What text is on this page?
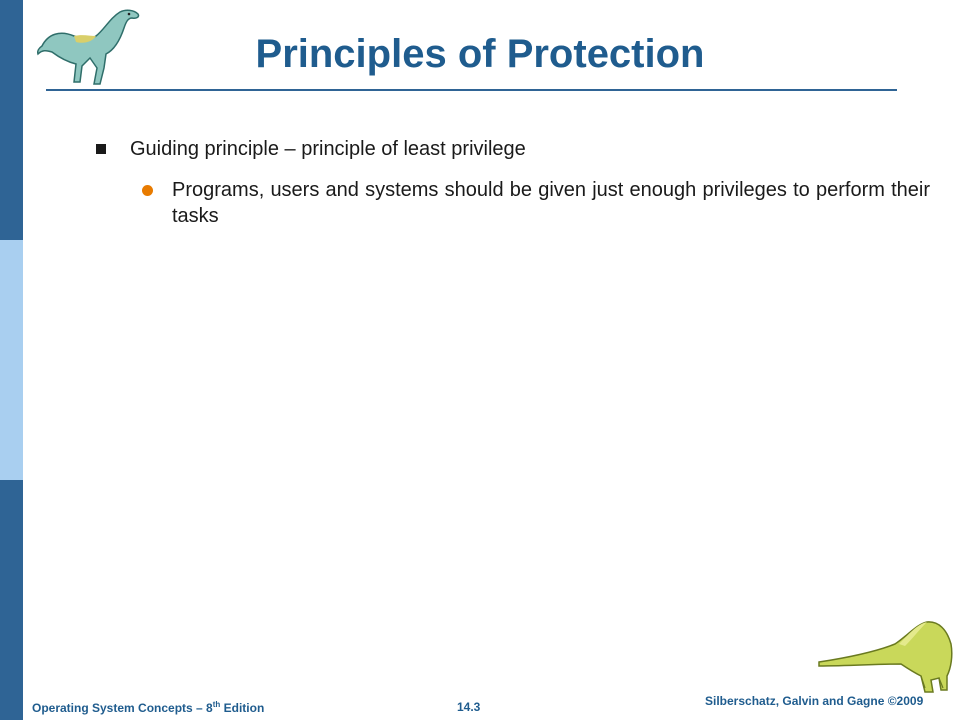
Principles of Protection
Guiding principle – principle of least privilege
Programs, users and systems should be given just enough privileges to perform their tasks
Operating System Concepts – 8th Edition	14.3	Silberschatz, Galvin and Gagne ©2009
